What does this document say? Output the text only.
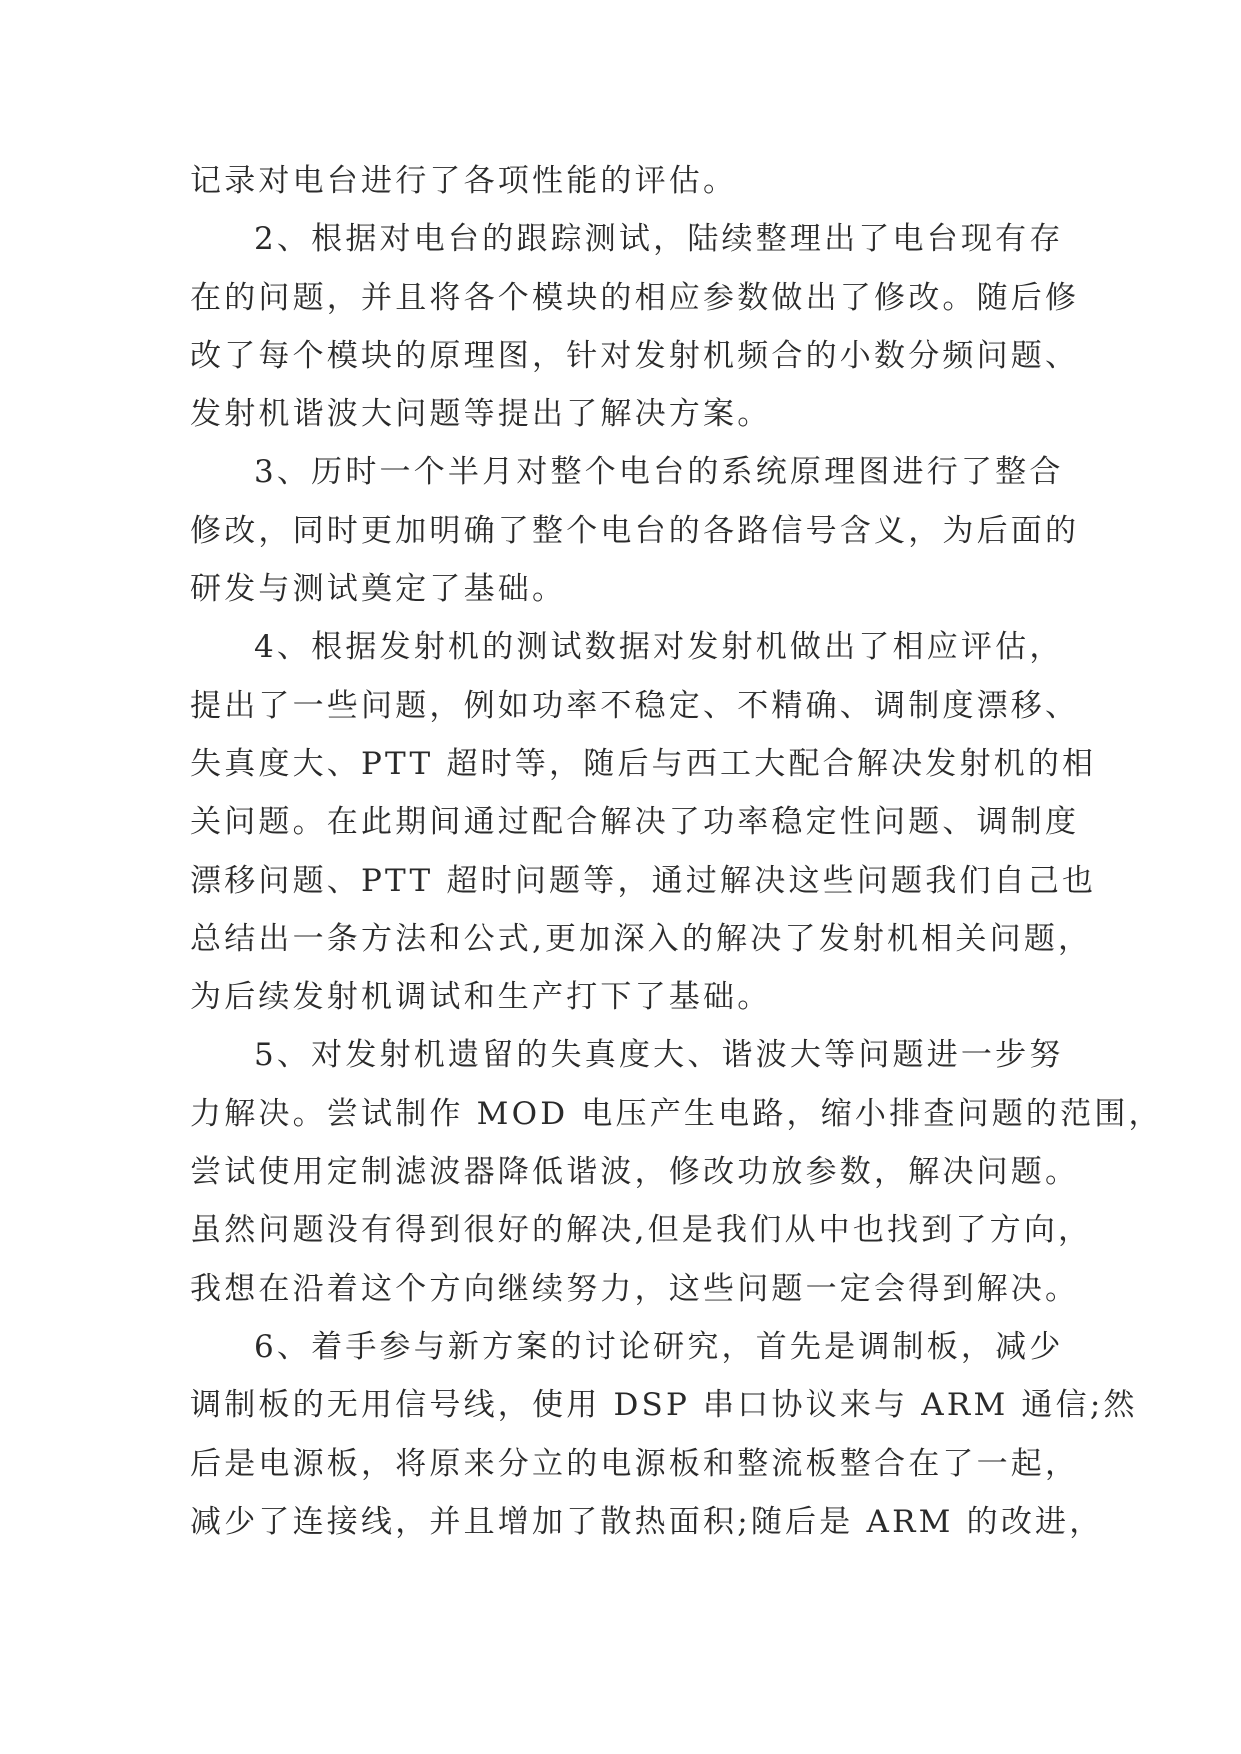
记录对电台进行了各项性能的评估。
2、根据对电台的跟踪测试，陆续整理出了电台现有存
在的问题，并且将各个模块的相应参数做出了修改。随后修
改了每个模块的原理图，针对发射机频合的小数分频问题、
发射机谐波大问题等提出了解决方案。
3、历时一个半月对整个电台的系统原理图进行了整合
修改，同时更加明确了整个电台的各路信号含义，为后面的
研发与测试奠定了基础。
4、根据发射机的测试数据对发射机做出了相应评估，
提出了一些问题，例如功率不稳定、不精确、调制度漂移、
失真度大、PTT 超时等，随后与西工大配合解决发射机的相
关问题。在此期间通过配合解决了功率稳定性问题、调制度
漂移问题、PTT 超时问题等，通过解决这些问题我们自己也
总结出一条方法和公式,更加深入的解决了发射机相关问题，
为后续发射机调试和生产打下了基础。
5、对发射机遗留的失真度大、谐波大等问题进一步努
力解决。尝试制作 MOD 电压产生电路，缩小排查问题的范围，
尝试使用定制滤波器降低谐波，修改功放参数，解决问题。
虽然问题没有得到很好的解决,但是我们从中也找到了方向，
我想在沿着这个方向继续努力，这些问题一定会得到解决。
6、着手参与新方案的讨论研究，首先是调制板，减少
调制板的无用信号线，使用 DSP 串口协议来与 ARM 通信;然
后是电源板，将原来分立的电源板和整流板整合在了一起，
减少了连接线，并且增加了散热面积;随后是 ARM 的改进，
